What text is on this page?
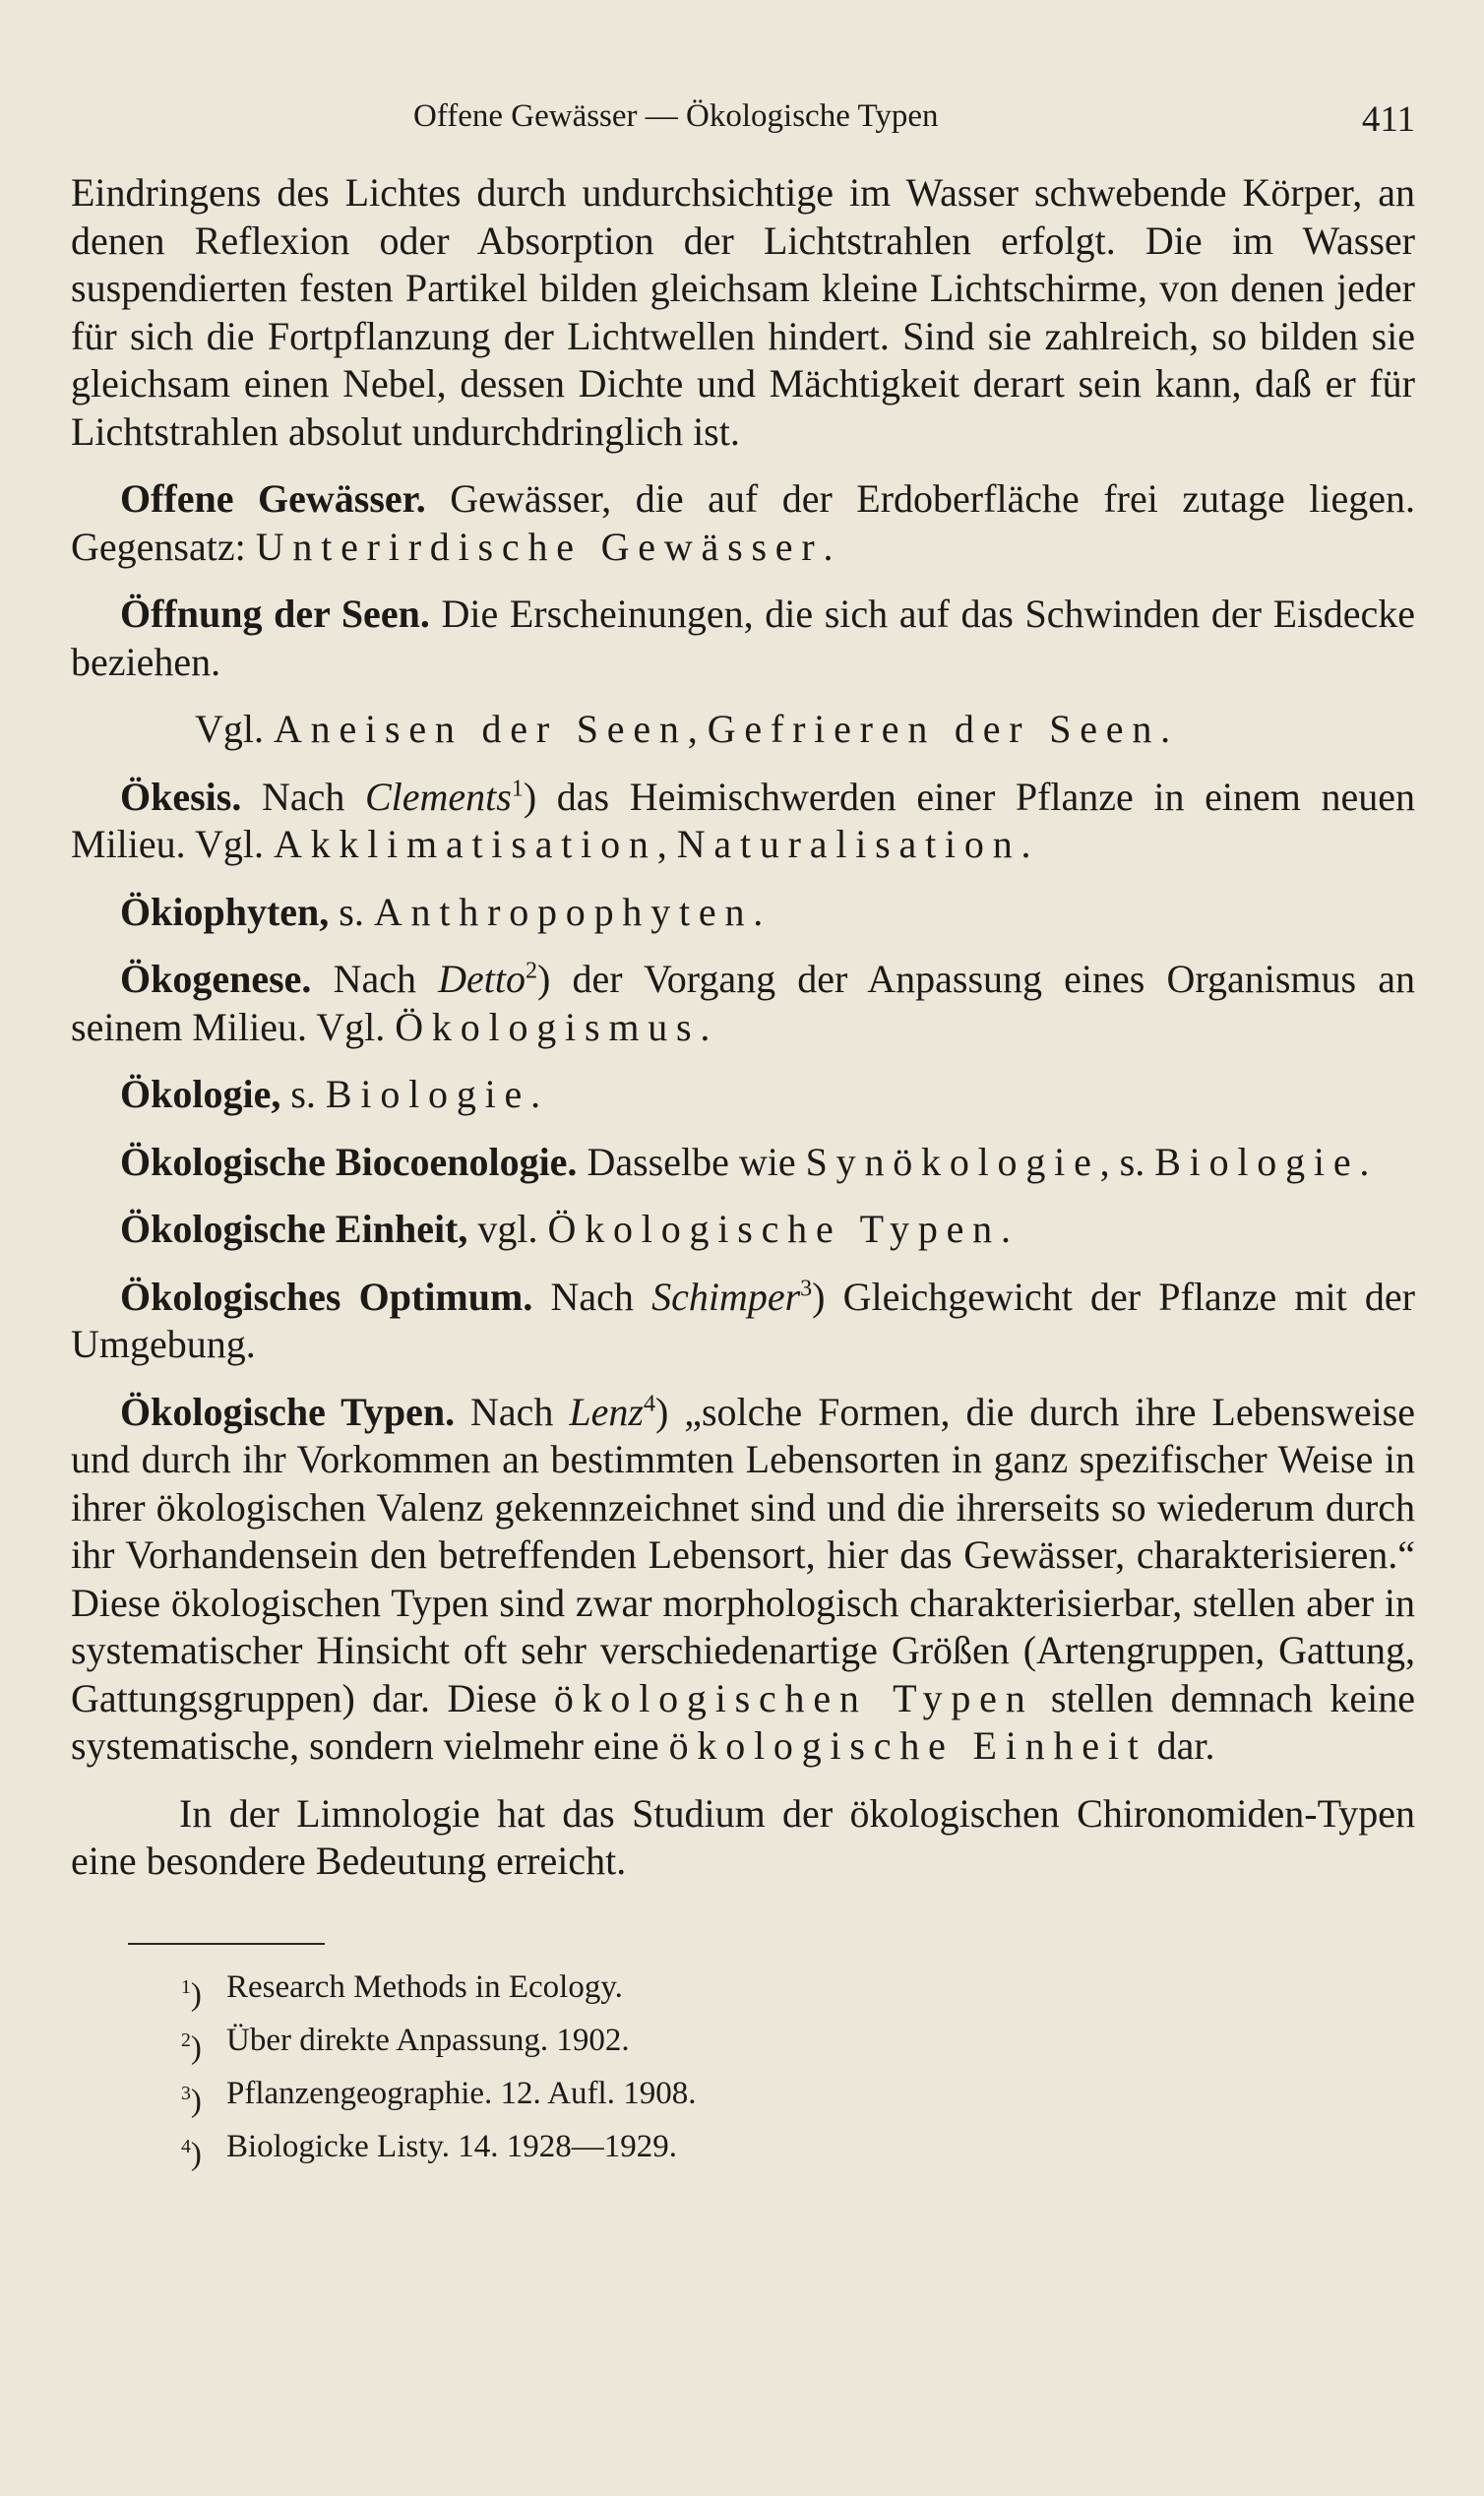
Offene Gewässer — Ökologische Typen	411

Eindringens des Lichtes durch undurchsichtige im Wasser schwebende Körper, an denen Reflexion oder Absorption der Lichtstrahlen erfolgt. Die im Wasser suspendierten festen Partikel bilden gleichsam kleine Lichtschirme, von denen jeder für sich die Fortpflanzung der Lichtwellen hindert. Sind sie zahlreich, so bilden sie gleichsam einen Nebel, dessen Dichte und Mächtigkeit derart sein kann, daß er für Lichtstrahlen absolut undurchdringlich ist.

Offene Gewässer. Gewässer, die auf der Erdoberfläche frei zutage liegen. Gegensatz: Unterirdische Gewässer.

Öffnung der Seen. Die Erscheinungen, die sich auf das Schwinden der Eisdecke beziehen.

Vgl. Aneisen der Seen, Gefrieren der Seen.

Ökesis. Nach Clements$^1$) das Heimischwerden einer Pflanze in einem neuen Milieu. Vgl. Akklimatisation, Naturalisation.

Ökiophyten, s. Anthropophyten.

Ökogenese. Nach Detto$^2$) der Vorgang der Anpassung eines Organismus an seinem Milieu. Vgl. Ökologismus.

Ökologie, s. Biologie.

Ökologische Biocoenologie. Dasselbe wie Synökologie, s. Biologie.

Ökologische Einheit, vgl. Ökologische Typen.

Ökologisches Optimum. Nach Schimper$^3$) Gleichgewicht der Pflanze mit der Umgebung.

Ökologische Typen. Nach Lenz$^4$) „solche Formen, die durch ihre Lebensweise und durch ihr Vorkommen an bestimmten Lebensorten in ganz spezifischer Weise in ihrer ökologischen Valenz gekennzeichnet sind und die ihrerseits so wiederum durch ihr Vorhandensein den betreffenden Lebensort, hier das Gewässer, charakterisieren.“ Diese ökologischen Typen sind zwar morphologisch charakterisierbar, stellen aber in systematischer Hinsicht oft sehr verschiedenartige Größen (Artengruppen, Gattung, Gattungsgruppen) dar. Diese ökologischen Typen stellen demnach keine systematische, sondern vielmehr eine ökologische Einheit dar.

In der Limnologie hat das Studium der ökologischen Chironomiden-Typen eine besondere Bedeutung erreicht.

$^1$) Research Methods in Ecology.
$^2$) Über direkte Anpassung. 1902.
$^3$) Pflanzengeographie. 12. Aufl. 1908.
$^4$) Biologicke Listy. 14. 1928—1929.
